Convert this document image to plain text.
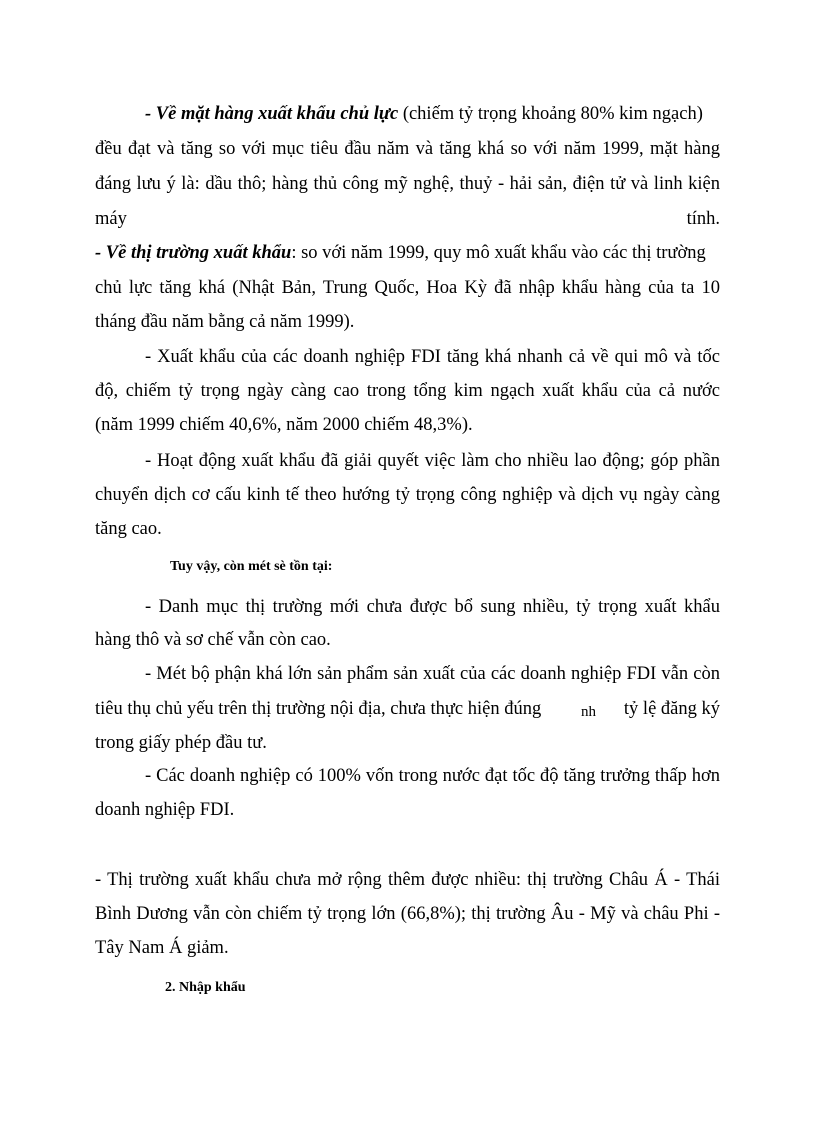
- Về mặt hàng xuất khẩu chủ lực (chiếm tỷ trọng khoảng 80% kim ngạch)
đều đạt và tăng so với mục tiêu đầu năm và tăng khá so với năm 1999, mặt hàng
đáng lưu ý là: dầu thô; hàng thủ công mỹ nghệ, thuỷ - hải sản, điện tử và linh kiện
máy	tính.
- Về thị trường xuất khẩu: so với năm 1999, quy mô xuất khẩu vào các thị trường
chủ lực tăng khá (Nhật Bản, Trung Quốc, Hoa Kỳ đã nhập khẩu hàng của ta 10
tháng đầu năm bằng cả năm 1999).
- Xuất khẩu của các doanh nghiệp FDI tăng khá nhanh cả về qui mô và tốc
độ, chiếm tỷ trọng ngày càng cao trong tổng kim ngạch xuất khẩu của cả nước
(năm 1999 chiếm 40,6%, năm 2000 chiếm 48,3%).
- Hoạt động xuất khẩu đã giải quyết việc làm cho nhiều lao động; góp phần
chuyển dịch cơ cấu kinh tế theo hướng tỷ trọng công nghiệp và dịch vụ ngày càng
tăng cao.
Tuy vậy, còn mét sè tồn tại:
- Danh mục thị trường mới chưa được bổ sung nhiều, tỷ trọng xuất khẩu
hàng thô và sơ chế vẫn còn cao.
- Mét bộ phận khá lớn sản phẩm sản xuất của các doanh nghiệp FDI vẫn còn
tiêu thụ chủ yếu trên thị trường nội địa, chưa thực hiện đúng	nh tỷ lệ đăng ký
trong giấy phép đầu tư.
- Các doanh nghiệp có 100% vốn trong nước đạt tốc độ tăng trưởng thấp hơn
doanh nghiệp FDI.
- Thị trường xuất khẩu chưa mở rộng thêm được nhiều: thị trường Châu Á - Thái
Bình Dương vẫn còn chiếm tỷ trọng lớn (66,8%); thị trường Âu - Mỹ và châu Phi -
Tây Nam Á giảm.
2. Nhập khẩu
